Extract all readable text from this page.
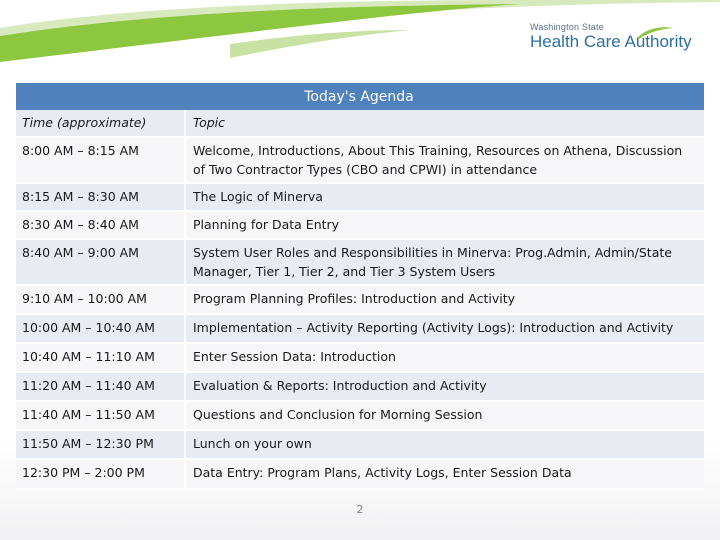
Washington State
Health Care Authority
Today's Agenda
Time (approximate)	Topic
8:00 AM – 8:15 AM	Welcome, Introductions, About This Training, Resources on Athena, Discussion of Two Contractor Types (CBO and CPWI) in attendance
8:15 AM – 8:30 AM	The Logic of Minerva
8:30 AM – 8:40 AM	Planning for Data Entry
8:40 AM – 9:00 AM	System User Roles and Responsibilities in Minerva: Prog.Admin, Admin/State Manager, Tier 1, Tier 2, and Tier 3 System Users
9:10 AM – 10:00 AM	Program Planning Profiles: Introduction and Activity
10:00 AM – 10:40 AM	Implementation – Activity Reporting (Activity Logs): Introduction and Activity
10:40 AM – 11:10 AM	Enter Session Data: Introduction
11:20 AM – 11:40 AM	Evaluation & Reports: Introduction and Activity
11:40 AM – 11:50 AM	Questions and Conclusion for Morning Session
11:50 AM – 12:30 PM	Lunch on your own
12:30 PM – 2:00 PM	Data Entry: Program Plans, Activity Logs, Enter Session Data
2
